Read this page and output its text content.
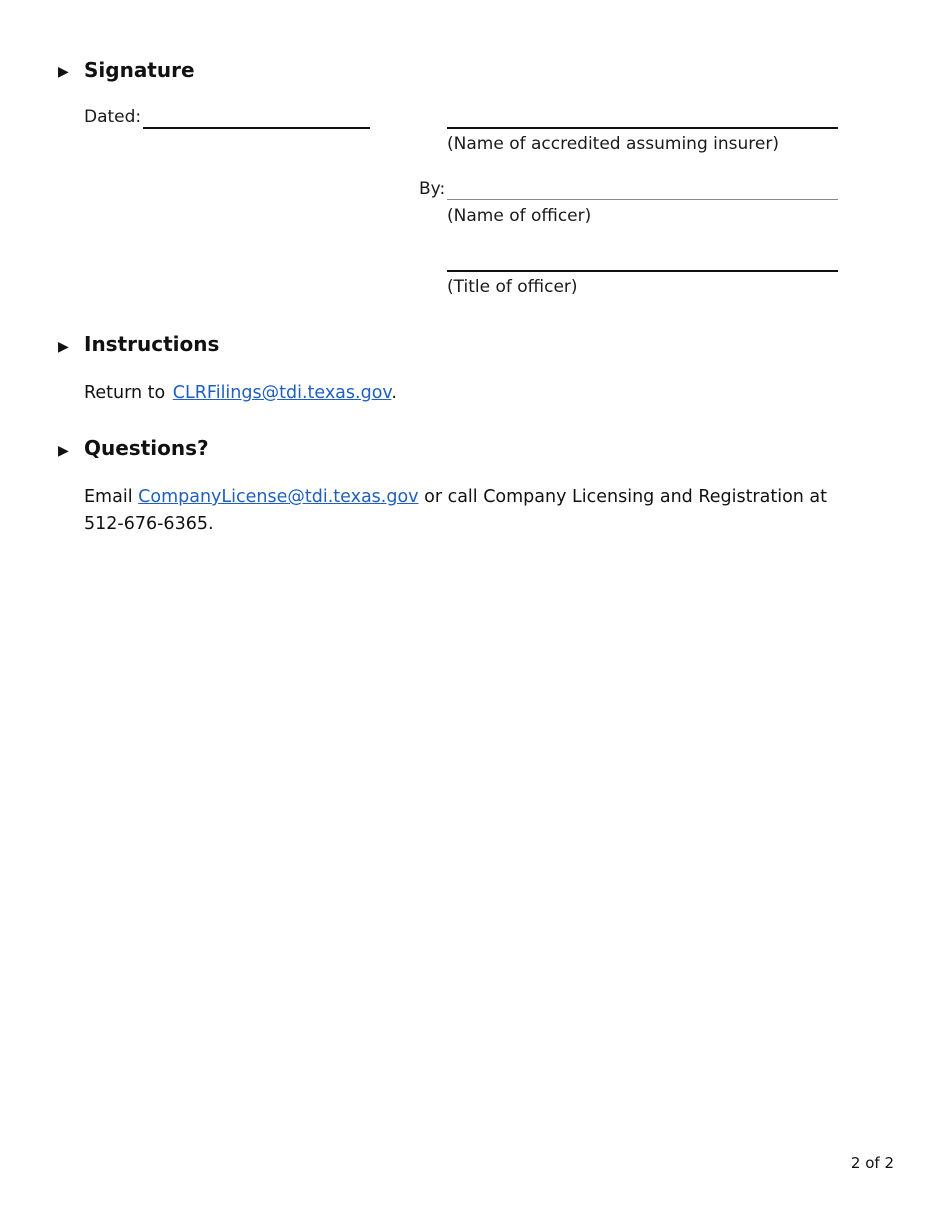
▶ Signature
Dated:
(Name of accredited assuming insurer)
By:
(Name of officer)
(Title of officer)
▶ Instructions
Return to CLRFilings@tdi.texas.gov.
▶ Questions?
Email CompanyLicense@tdi.texas.gov or call Company Licensing and Registration at 512-676-6365.
2 of 2
